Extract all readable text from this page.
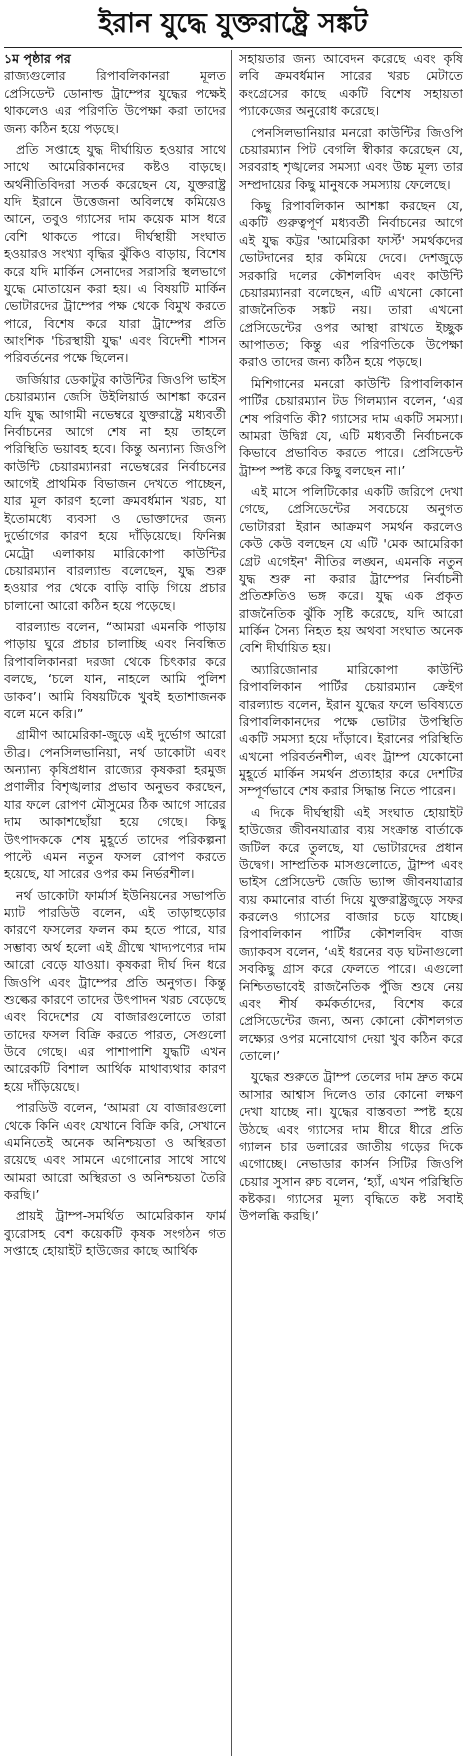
ইরান যুদ্ধে যুক্তরাষ্ট্রে সঙ্কট
১ম পৃষ্ঠার পর

রাজ্যগুলোর রিপাবলিকানরা মূলত প্রেসিডেন্ট ডোনাল্ড ট্রাম্পের যুদ্ধের পক্ষেই থাকলেও এর পরিণতি উপেক্ষা করা তাদের জন্য কঠিন হয়ে পড়ছে।

প্রতি সপ্তাহে যুদ্ধ দীর্ঘায়িত হওয়ার সাথে সাথে আমেরিকানদের কষ্টও বাড়ছে। অর্থনীতিবিদরা সতর্ক করেছেন যে, যুক্তরাষ্ট্র যদি ইরানে উত্তেজনা অবিলম্বে কমিয়েও আনে, তবুও গ্যাসের দাম কয়েক মাস ধরে বেশি থাকতে পারে। দীর্ঘস্থায়ী সংঘাত হওয়ারও সংখ্যা বৃদ্ধির ঝুঁকিও বাড়ায়, বিশেষ করে যদি মার্কিন সেনাদের সরাসরি স্থলভাগে যুদ্ধে মোতায়েন করা হয়। এ বিষয়টি মার্কিন ভোটারদের ট্রাম্পের পক্ষ থেকে বিমুখ করতে পারে, বিশেষ করে যারা ট্রাম্পের প্রতি আংশিক 'চিরস্থায়ী যুদ্ধ' এবং বিদেশী শাসন পরিবর্তনের পক্ষে ছিলেন।

জর্জিয়ার ডেকাটুর কাউন্টির জিওপি ভাইস চেয়ারম্যান জেসি উইলিয়ার্ড আশঙ্কা করেন যদি যুদ্ধ আগামী নভেম্বরে যুক্তরাষ্ট্রে মধ্যবর্তী নির্বাচনের আগে শেষ না হয় তাহলে পরিস্থিতি ভয়াবহ হবে। কিন্তু অন্যান্য জিওপি কাউন্টি চেয়ারম্যানরা নভেম্বরের নির্বাচনের আগেই প্রাথমিক বিভাজন দেখতে পাচ্ছেন, যার মূল কারণ হলো ক্রমবর্ধমান খরচ, যা ইতোমধ্যে ব্যবসা ও ভোক্তাদের জন্য দুর্ভোগের কারণ হয়ে দাঁড়িয়েছে। ফিনিক্স মেট্রো এলাকায় মারিকোপা কাউন্টির চেয়ারম্যান বারল্যান্ড বলেছেন, যুদ্ধ শুরু হওয়ার পর থেকে বাড়ি বাড়ি গিয়ে প্রচার চালানো আরো কঠিন হয়ে পড়েছে।

বারল্যান্ড বলেন, “আমরা এমনকি পাড়ায় পাড়ায় ঘুরে প্রচার চালাচ্ছি এবং নিবন্ধিত রিপাবলিকানরা দরজা থেকে চিৎকার করে বলছে, ‘চলে যান, নাহলে আমি পুলিশ ডাকব’। আমি বিষয়টিকে খুবই হতাশাজনক বলে মনে করি।”

গ্রামীণ আমেরিকা-জুড়ে এই দুর্ভোগ আরো তীব্র। পেনসিলভানিয়া, নর্থ ডাকোটা এবং অন্যান্য কৃষিপ্রধান রাজ্যের কৃষকরা হরমুজ প্রণালীর বিশৃঙ্খলার প্রভাব অনুভব করছেন, যার ফলে রোপণ মৌসুমের ঠিক আগে সারের দাম আকাশছোঁয়া হয়ে গেছে। কিছু উৎপাদককে শেষ মুহূর্তে তাদের পরিকল্পনা পাল্টে এমন নতুন ফসল রোপণ করতে হয়েছে, যা সারের ওপর কম নির্ভরশীল।

নর্থ ডাকোটা ফার্মার্স ইউনিয়নের সভাপতি ম্যাট পারডিউ বলেন, এই তাড়াহুড়োর কারণে ফসলের ফলন কম হতে পারে, যার সম্ভাব্য অর্থ হলো এই গ্রীষ্মে খাদ্যপণ্যের দাম আরো বেড়ে যাওয়া। কৃষকরা দীর্ঘ দিন ধরে জিওপি এবং ট্রাম্পের প্রতি অনুগত। কিন্তু শুল্কের কারণে তাদের উৎপাদন খরচ বেড়েছে এবং বিদেশের যে বাজারগুলোতে তারা তাদের ফসল বিক্রি করতে পারত, সেগুলো উবে গেছে। এর পাশাপাশি যুদ্ধটি এখন আরেকটি বিশাল আর্থিক মাথাব্যথার কারণ হয়ে দাঁড়িয়েছে।

পারডিউ বলেন, ‘আমরা যে বাজারগুলো থেকে কিনি এবং যেখানে বিক্রি করি, সেখানে এমনিতেই অনেক অনিশ্চয়তা ও অস্থিরতা রয়েছে এবং সামনে এগোনোর সাথে সাথে আমরা আরো অস্থিরতা ও অনিশ্চয়তা তৈরি করছি।’

প্রায়ই ট্রাম্প-সমর্থিত আমেরিকান ফার্ম ব্যুরোসহ বেশ কয়েকটি কৃষক সংগঠন গত সপ্তাহে হোয়াইট হাউজের কাছে আর্থিক

সহায়তার জন্য আবেদন করেছে এবং কৃষি লবি ক্রমবর্ধমান সারের খরচ মেটাতে কংগ্রেসের কাছে একটি বিশেষ সহায়তা প্যাকেজের অনুরোধ করেছে।

পেনসিলভানিয়ার মনরো কাউন্টির জিওপি চেয়ারম্যান পিট বেগলি স্বীকার করেছেন যে, সরবরাহ শৃঙ্খলের সমস্যা এবং উচ্চ মূল্য তার সম্প্রদায়ের কিছু মানুষকে সমস্যায় ফেলেছে।

কিছু রিপাবলিকান আশঙ্কা করছেন যে, একটি গুরুত্বপূর্ণ মধ্যবর্তী নির্বাচনের আগে এই যুদ্ধ কট্টর 'আমেরিকা ফার্স্ট' সমর্থকদের ভোটদানের হার কমিয়ে দেবে। দেশজুড়ে সরকারি দলের কৌশলবিদ এবং কাউন্টি চেয়ারম্যানরা বলেছেন, এটি এখনো কোনো রাজনৈতিক সঙ্কট নয়। তারা এখনো প্রেসিডেন্টের ওপর আস্থা রাখতে ইচ্ছুক আপাতত; কিন্তু এর পরিণতিকে উপেক্ষা করাও তাদের জন্য কঠিন হয়ে পড়ছে।

মিশিগানের মনরো কাউন্টি রিপাবলিকান পার্টির চেয়ারম্যান টড গিলম্যান বলেন, ‘এর শেষ পরিণতি কী? গ্যাসের দাম একটি সমস্যা। আমরা উদ্বিগ্ন যে, এটি মধ্যবর্তী নির্বাচনকে কিভাবে প্রভাবিত করতে পারে। প্রেসিডেন্ট ট্রাম্প স্পষ্ট করে কিছু বলছেন না।’

এই মাসে পলিটিকোর একটি জরিপে দেখা গেছে, প্রেসিডেন্টের সবচেয়ে অনুগত ভোটাররা ইরান আক্রমণ সমর্থন করলেও কেউ কেউ বলছেন যে এটি 'মেক আমেরিকা গ্রেট এগেইন' নীতির লঙ্ঘন, এমনকি নতুন যুদ্ধ শুরু না করার ট্রাম্পের নির্বাচনী প্রতিশ্রুতিও ভঙ্গ করে। যুদ্ধ এক প্রকৃত রাজনৈতিক ঝুঁকি সৃষ্টি করেছে, যদি আরো মার্কিন সৈন্য নিহত হয় অথবা সংঘাত অনেক বেশি দীর্ঘায়িত হয়।

অ্যারিজোনার মারিকোপা কাউন্টি রিপাবলিকান পার্টির চেয়ারম্যান ক্রেইগ বারল্যান্ড বলেন, ইরান যুদ্ধের ফলে ভবিষ্যতে রিপাবলিকানদের পক্ষে ভোটার উপস্থিতি একটি সমস্যা হয়ে দাঁড়াবে। ইরানের পরিস্থিতি এখনো পরিবর্তনশীল, এবং ট্রাম্প যেকোনো মুহূর্তে মার্কিন সমর্থন প্রত্যাহার করে দেশটির সম্পূর্ণভাবে শেষ করার সিদ্ধান্ত নিতে পারেন।

এ দিকে দীর্ঘস্থায়ী এই সংঘাত হোয়াইট হাউজের জীবনযাত্রার ব্যয় সংক্রান্ত বার্তাকে জটিল করে তুলছে, যা ভোটারদের প্রধান উদ্বেগ। সাম্প্রতিক মাসগুলোতে, ট্রাম্প এবং ভাইস প্রেসিডেন্ট জেডি ভ্যান্স জীবনযাত্রার ব্যয় কমানোর বার্তা দিয়ে যুক্তরাষ্ট্রজুড়ে সফর করলেও গ্যাসের বাজার চড়ে যাচ্ছে। রিপাবলিকান পার্টির কৌশলবিদ বাজ জ্যাকবস বলেন, ‘এই ধরনের বড় ঘটনাগুলো সবকিছু গ্রাস করে ফেলতে পারে। এগুলো নিশ্চিতভাবেই রাজনৈতিক পুঁজি শুষে নেয় এবং শীর্ষ কর্মকর্তাদের, বিশেষ করে প্রেসিডেন্টের জন্য, অন্য কোনো কৌশলগত লক্ষ্যের ওপর মনোযোগ দেয়া খুব কঠিন করে তোলে।’

যুদ্ধের শুরুতে ট্রাম্প তেলের দাম দ্রুত কমে আসার আশ্বাস দিলেও তার কোনো লক্ষণ দেখা যাচ্ছে না। যুদ্ধের বাস্তবতা স্পষ্ট হয়ে উঠছে এবং গ্যাসের দাম ধীরে ধীরে প্রতি গ্যালন চার ডলারের জাতীয় গড়ের দিকে এগোচ্ছে। নেভাডার কার্সন সিটির জিওপি চেয়ার সুসান রুচ বলেন, ‘হ্যাঁ, এখন পরিস্থিতি কষ্টকর। গ্যাসের মূল্য বৃদ্ধিতে কষ্ট সবাই উপলব্ধি করছি।’
